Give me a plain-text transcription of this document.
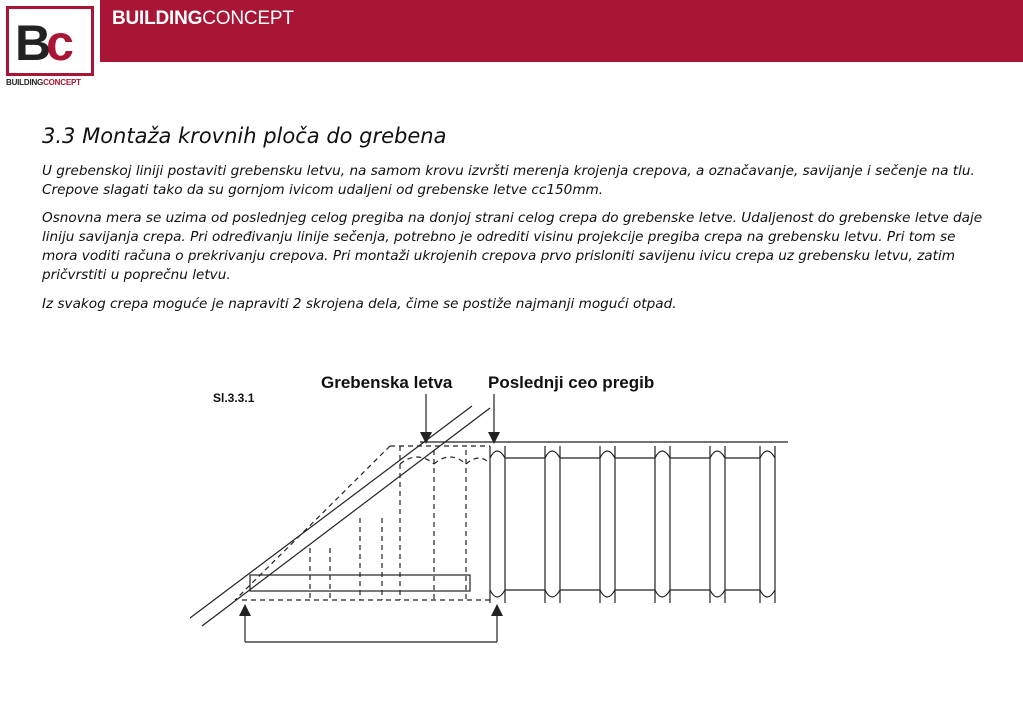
BUILDINGCONCEPT
Bc
BUILDINGCONCEPT
3.3 Montaža krovnih ploča do grebena

U grebenskoj liniji postaviti grebensku letvu, na samom krovu izvršti merenja krojenja crepova, a označavanje, savijanje i sečenje na tlu. Crepove slagati tako da su gornjom ivicom udaljeni od grebenske letve cc150mm.

Osnovna mera se uzima od poslednjeg celog pregiba na donjoj strani celog crepa do grebenske letve. Udaljenost do grebenske letve daje liniju savijanja crepa. Pri određivanju linije sečenja, potrebno je odrediti visinu projekcije pregiba crepa na grebensku letvu. Pri tom se mora voditi računa o prekrivanju crepova. Pri montaži ukrojenih crepova prvo prisloniti savijenu ivicu crepa uz grebensku letvu, zatim pričvrstiti u poprečnu letvu.

Iz svakog crepa moguće je napraviti 2 skrojena dela, čime se postiže najmanji mogući otpad.

Sl.3.3.1
Grebenska letva Poslednji ceo pregib
